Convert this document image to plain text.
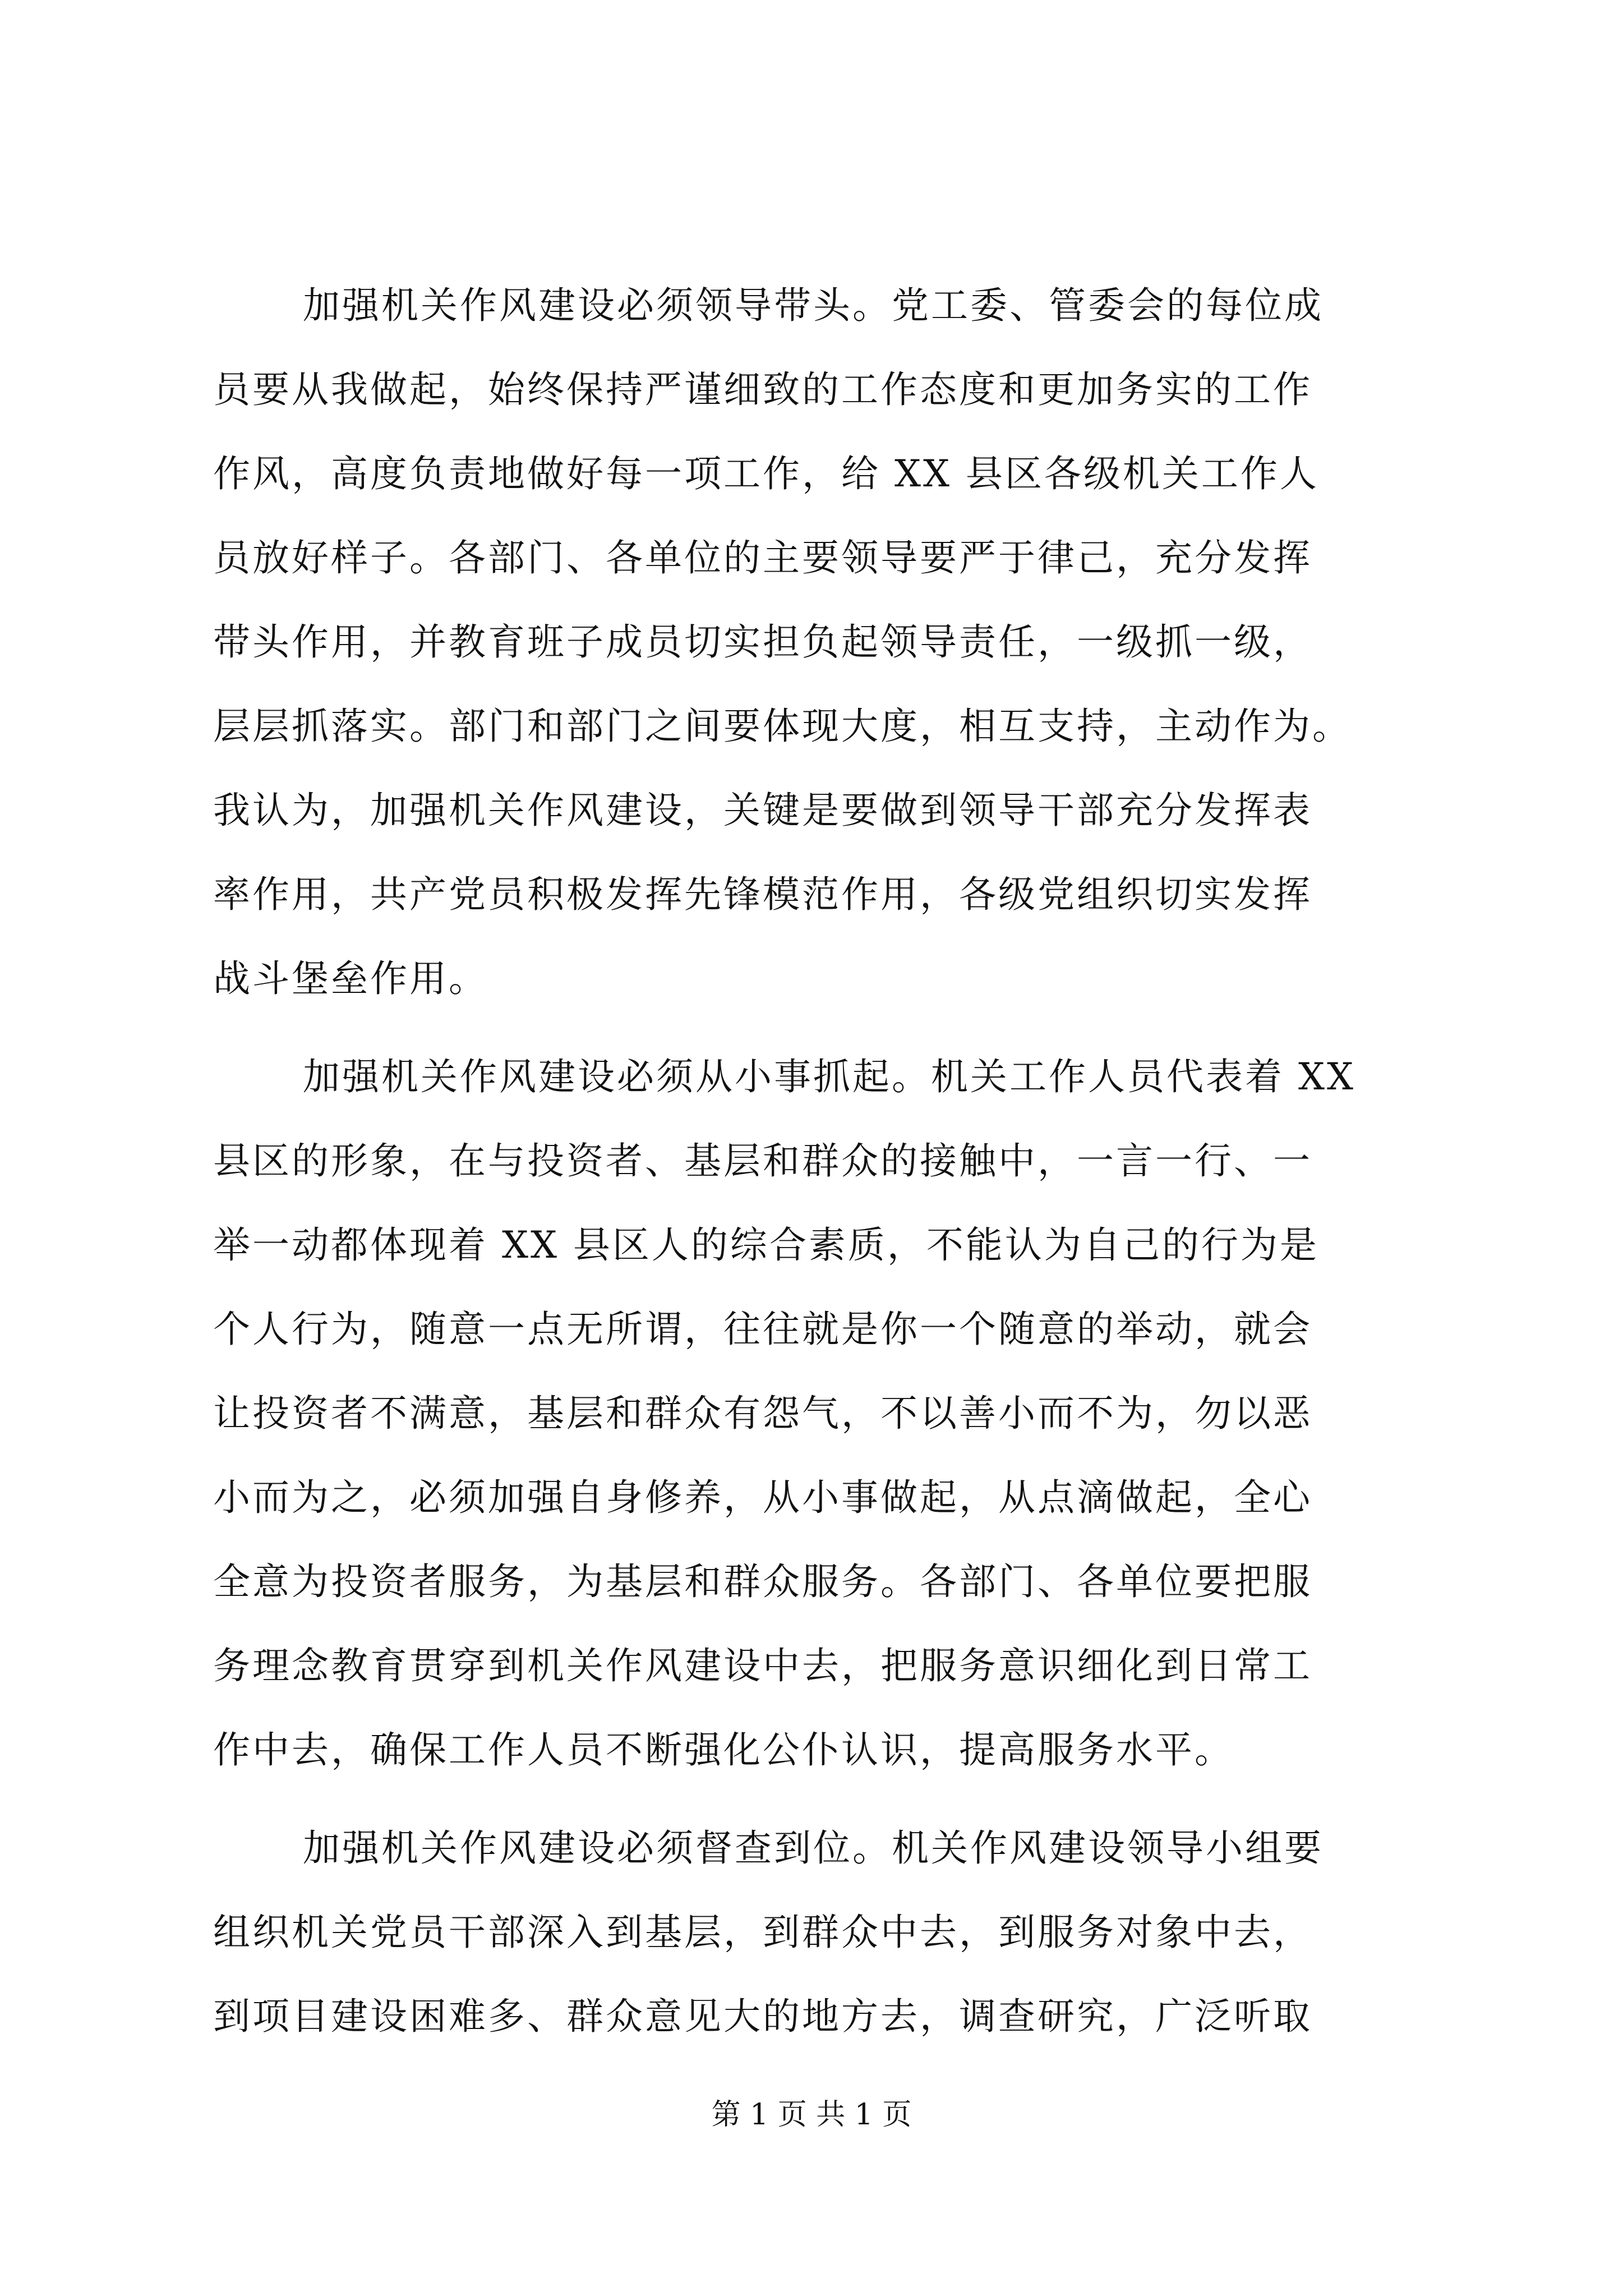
加强机关作风建设必须领导带头。党工委、管委会的每位成
员要从我做起，始终保持严谨细致的工作态度和更加务实的工作
作风，高度负责地做好每一项工作，给 XX 县区各级机关工作人
员放好样子。各部门、各单位的主要领导要严于律己，充分发挥
带头作用，并教育班子成员切实担负起领导责任，一级抓一级，
层层抓落实。部门和部门之间要体现大度，相互支持，主动作为。
我认为，加强机关作风建设，关键是要做到领导干部充分发挥表
率作用，共产党员积极发挥先锋模范作用，各级党组织切实发挥
战斗堡垒作用。
加强机关作风建设必须从小事抓起。机关工作人员代表着 XX
县区的形象，在与投资者、基层和群众的接触中，一言一行、一
举一动都体现着 XX 县区人的综合素质，不能认为自己的行为是
个人行为，随意一点无所谓，往往就是你一个随意的举动，就会
让投资者不满意，基层和群众有怨气，不以善小而不为，勿以恶
小而为之，必须加强自身修养，从小事做起，从点滴做起，全心
全意为投资者服务，为基层和群众服务。各部门、各单位要把服
务理念教育贯穿到机关作风建设中去，把服务意识细化到日常工
作中去，确保工作人员不断强化公仆认识，提高服务水平。
加强机关作风建设必须督查到位。机关作风建设领导小组要
组织机关党员干部深入到基层，到群众中去，到服务对象中去，
到项目建设困难多、群众意见大的地方去，调查研究，广泛听取
第 1 页 共 1 页
